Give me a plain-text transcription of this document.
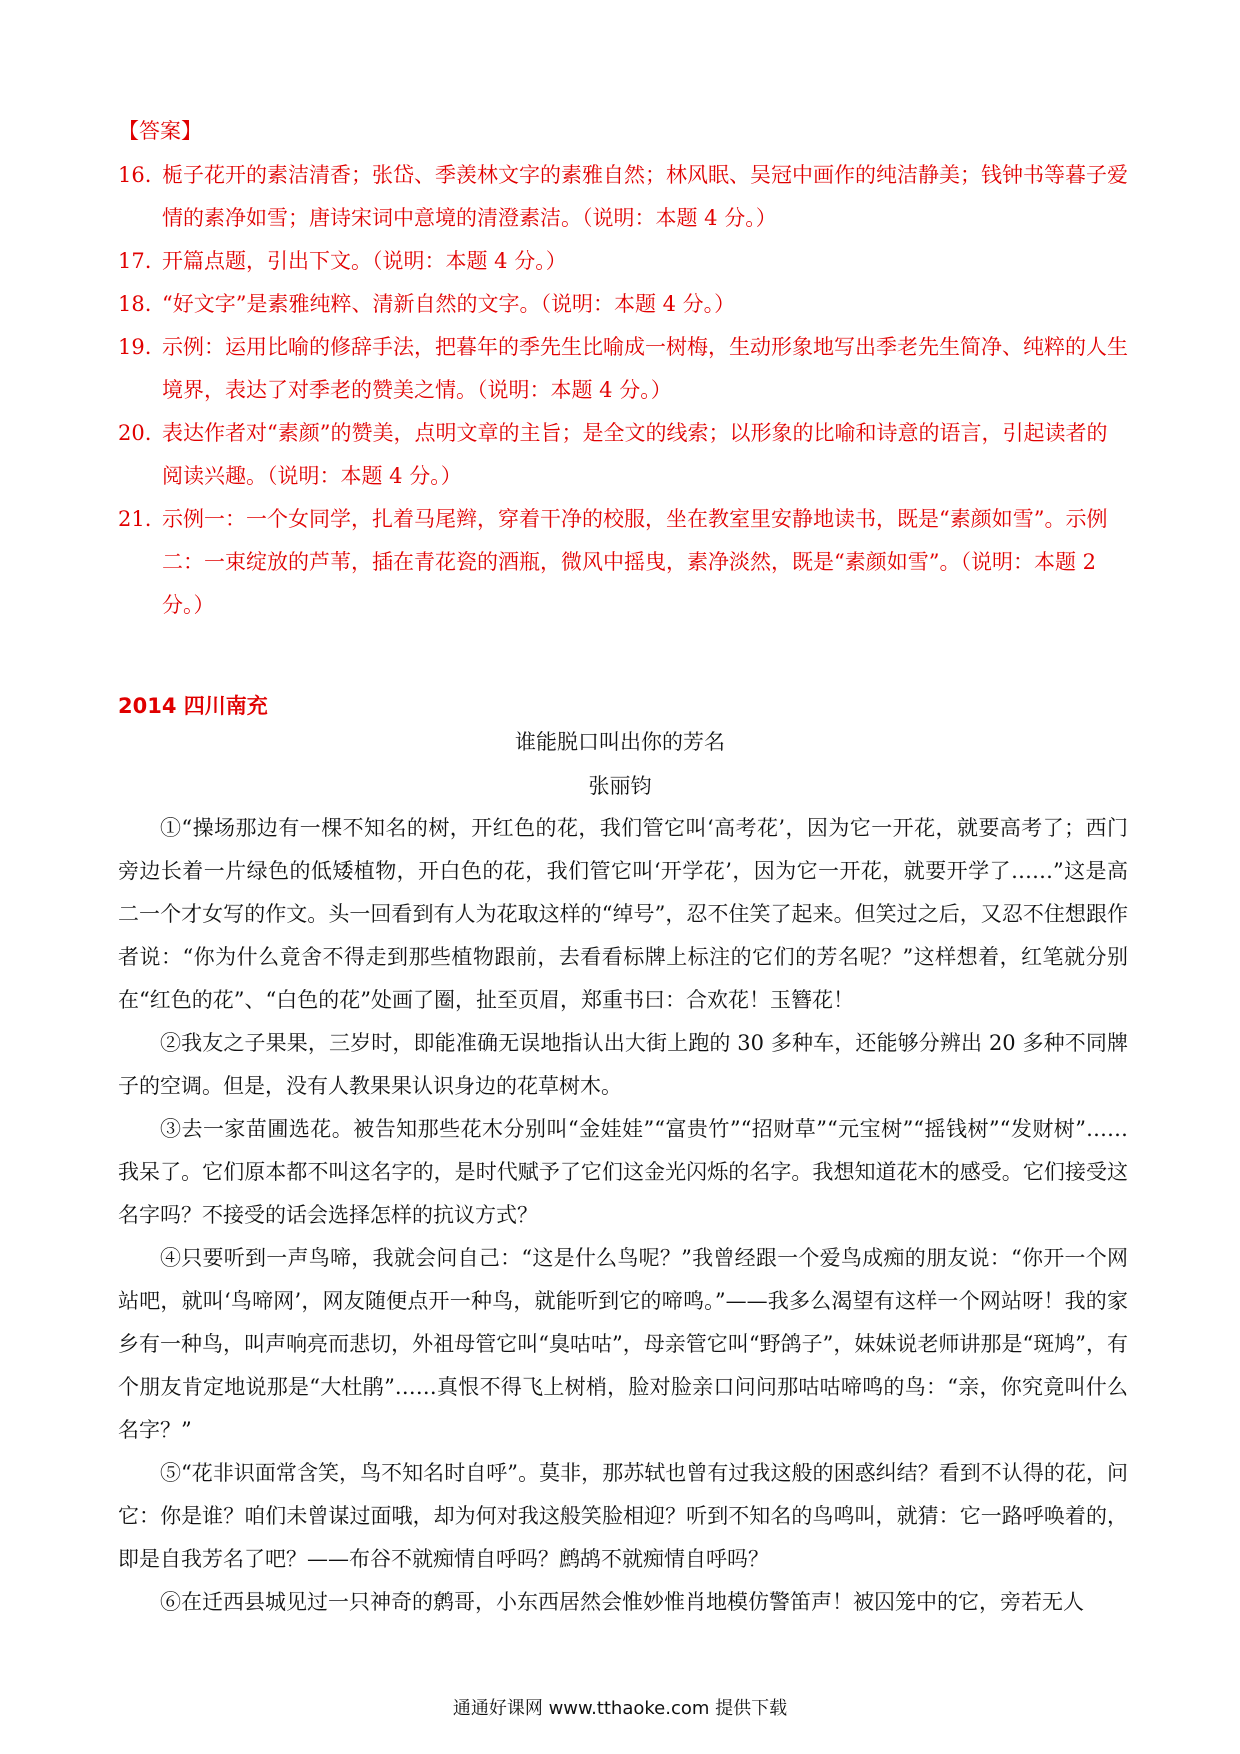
【答案】
16. 栀子花开的素洁清香；张岱、季羡林文字的素雅自然；林风眠、吴冠中画作的纯洁静美；钱钟书等暮子爱情的素净如雪；唐诗宋词中意境的清澄素洁。（说明：本题 4 分。）
17. 开篇点题，引出下文。（说明：本题 4 分。）
18. “好文字”是素雅纯粹、清新自然的文字。（说明：本题 4 分。）
19. 示例：运用比喻的修辞手法，把暮年的季先生比喻成一树梅，生动形象地写出季老先生简净、纯粹的人生境界，表达了对季老的赞美之情。（说明：本题 4 分。）
20. 表达作者对“素颜”的赞美，点明文章的主旨；是全文的线索；以形象的比喻和诗意的语言，引起读者的阅读兴趣。（说明：本题 4 分。）
21. 示例一：一个女同学，扎着马尾辫，穿着干净的校服，坐在教室里安静地读书，既是“素颜如雪”。示例二：一束绽放的芦苇，插在青花瓷的酒瓶，微风中摇曳，素净淡然，既是“素颜如雪”。（说明：本题 2 分。）
2014 四川南充
谁能脱口叫出你的芳名
张丽钧

①“操场那边有一棵不知名的树，开红色的花，我们管它叫‘高考花’，因为它一开花，就要高考了；西门旁边长着一片绿色的低矮植物，开白色的花，我们管它叫‘开学花’，因为它一开花，就要开学了……”这是高二一个才女写的作文。头一回看到有人为花取这样的“绰号”，忍不住笑了起来。但笑过之后，又忍不住想跟作者说：“你为什么竟舍不得走到那些植物跟前，去看看标牌上标注的它们的芳名呢？”这样想着，红笔就分别在“红色的花”、“白色的花”处画了圈，扯至页眉，郑重书曰：合欢花！玉簪花！

②我友之子果果，三岁时，即能准确无误地指认出大街上跑的 30 多种车，还能够分辨出 20 多种不同牌子的空调。但是，没有人教果果认识身边的花草树木。

③去一家苗圃选花。被告知那些花木分别叫“金娃娃”“富贵竹”“招财草”“元宝树”“摇钱树”“发财树”……我呆了。它们原本都不叫这名字的，是时代赋予了它们这金光闪烁的名字。我想知道花木的感受。它们接受这名字吗？不接受的话会选择怎样的抗议方式？

④只要听到一声鸟啼，我就会问自己：“这是什么鸟呢？”我曾经跟一个爱鸟成痴的朋友说：“你开一个网站吧，就叫‘鸟啼网’，网友随便点开一种鸟，就能听到它的啼鸣。”——我多么渴望有这样一个网站呀！我的家乡有一种鸟，叫声响亮而悲切，外祖母管它叫“臭咕咕”，母亲管它叫“野鸽子”，妹妹说老师讲那是“斑鸠”，有个朋友肯定地说那是“大杜鹃”……真恨不得飞上树梢，脸对脸亲口问问那咕咕啼鸣的鸟：“亲，你究竟叫什么名字？”

⑤“花非识面常含笑，鸟不知名时自呼”。莫非，那苏轼也曾有过我这般的困惑纠结？看到不认得的花，问它：你是谁？咱们未曾谋过面哦，却为何对我这般笑脸相迎？听到不知名的鸟鸣叫，就猜：它一路呼唤着的，即是自我芳名了吧？——布谷不就痴情自呼吗？鹧鸪不就痴情自呼吗？

⑥在迁西县城见过一只神奇的鹩哥，小东西居然会惟妙惟肖地模仿警笛声！被囚笼中的它，旁若无人

通通好课网 www.tthaoke.com 提供下载
